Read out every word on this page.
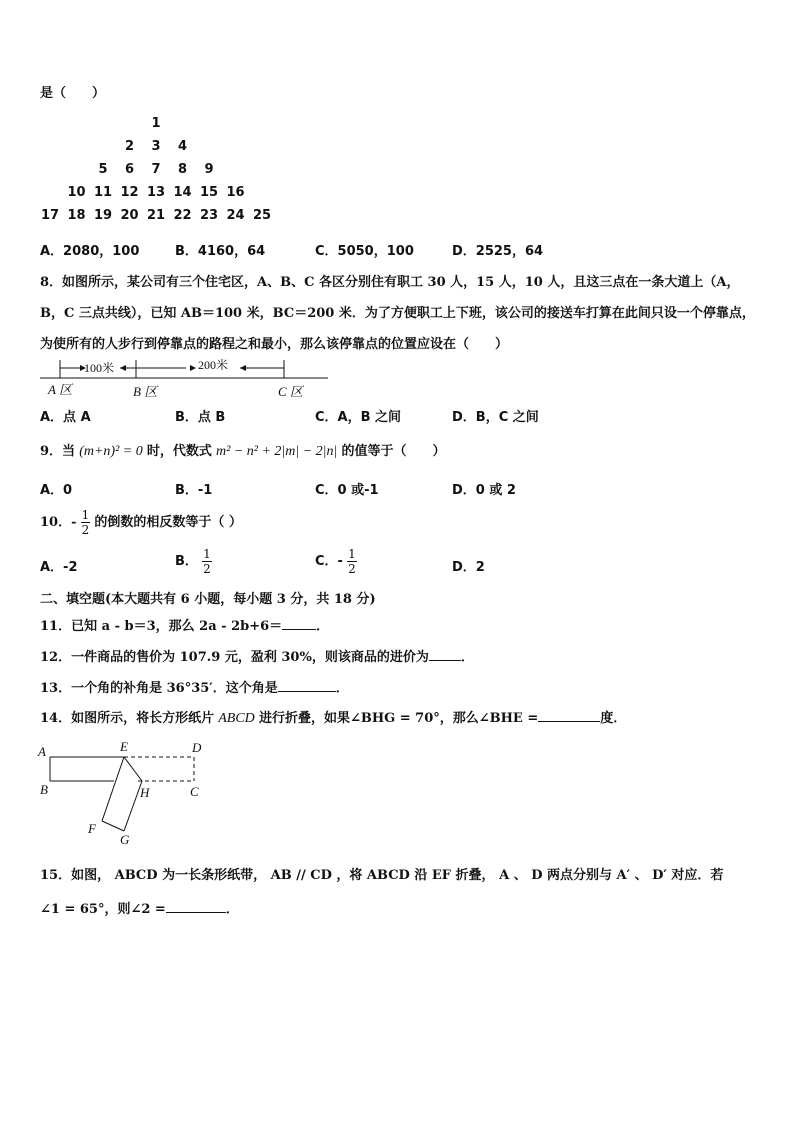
是（　　）
1
2	3	4
5	6	7	8	9
10 11 12 13 14 15 16
17 18 19 20 21 22 23 24 25
A．2080，100	B．4160，64	C．5050，100	D．2525，64
8．如图所示，某公司有三个住宅区，A、B、C 各区分别住有职工 30 人，15 人，10 人，且这三点在一条大道上（A，
B，C 三点共线），已知 AB＝100 米，BC＝200 米．为了方便职工上下班，该公司的接送车打算在此间只设一个停靠点，
为使所有的人步行到停靠点的路程之和最小，那么该停靠点的位置应设在（　　）
100米	200米
A 区	B 区	C 区
A．点 A	B．点 B	C．A，B 之间	D．B，C 之间
9．当 (m+n)² = 0 时，代数式 m² − n² + 2|m| − 2|n| 的值等于（　　）
A．0	B．-1	C．0 或-1	D．0 或 2
10．- $\frac{1}{2}$ 的倒数的相反数等于（ ）
A．-2	B． $\frac{1}{2}$	C．- $\frac{1}{2}$	D．2
二、填空题(本大题共有 6 小题，每小题 3 分，共 18 分)
11．已知 a - b＝3，那么 2a - 2b+6＝	．
12．一件商品的售价为 107.9 元，盈利 30%，则该商品的进价为 ．
13．一个角的补角是 36°35′．这个角是	．
14．如图所示，将长方形纸片 ABCD 进行折叠，如果∠BHG = 70°，那么∠BHE =	度．
A
B
E	D
H	C
F
G
15．如图， ABCD 为一长条形纸带， AB // CD ，将 ABCD 沿 EF 折叠， A 、 D 两点分别与 A′ 、 D′ 对应．若
∠1 = 65°，则∠2 =	．
